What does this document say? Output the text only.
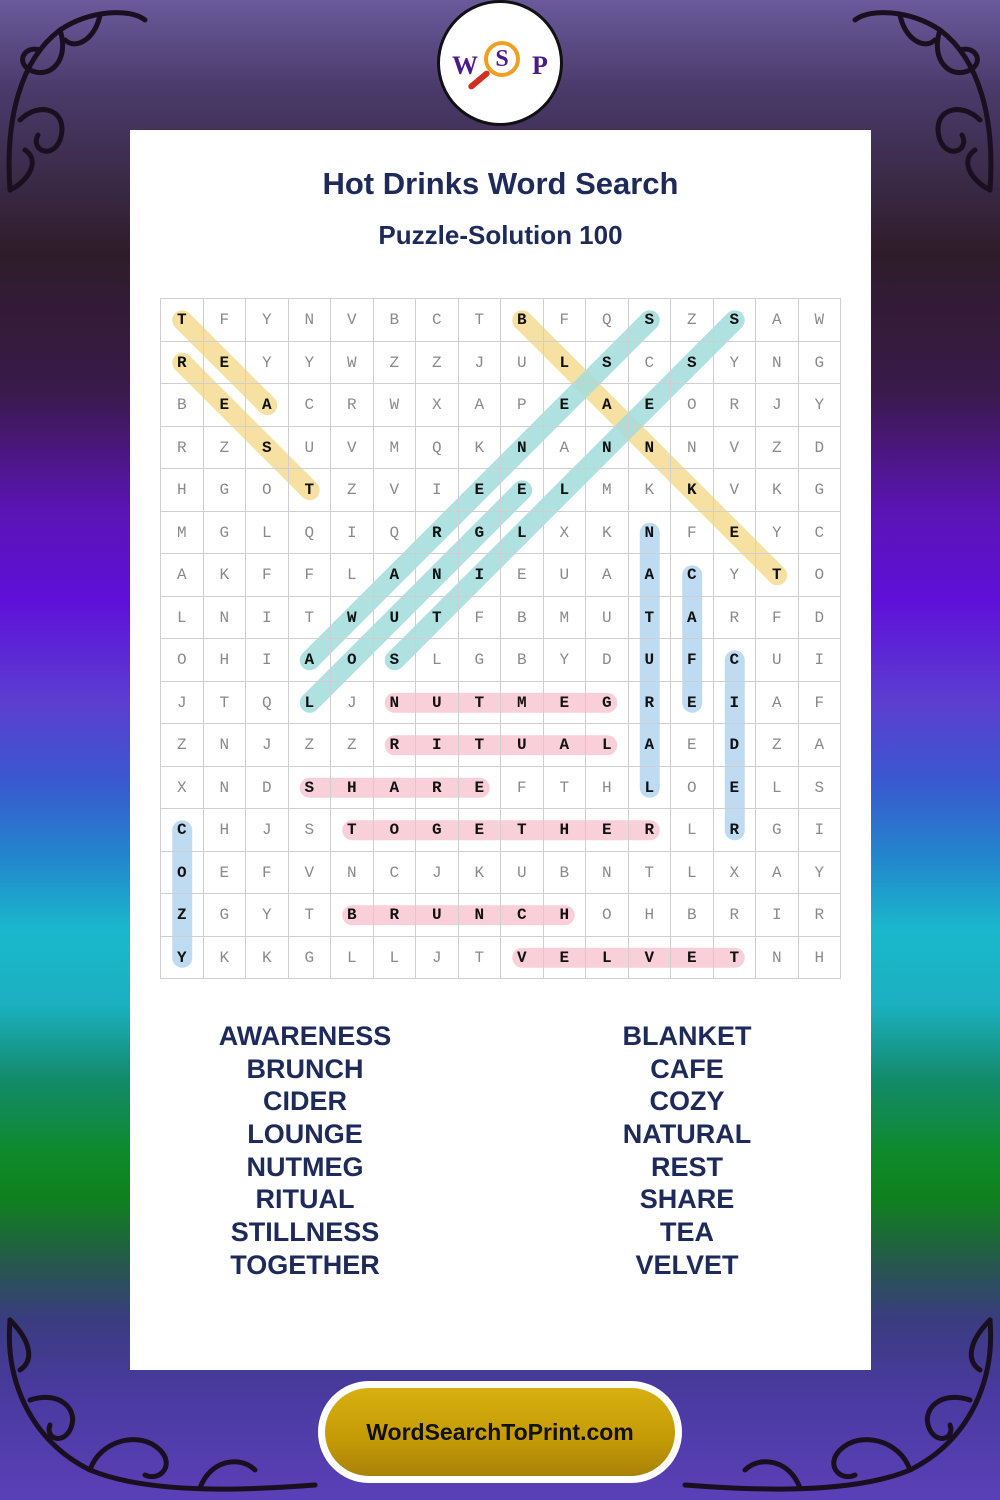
Hot Drinks Word Search
Puzzle-Solution 100
T	F	Y	N	V	B	C	T	B	F	Q	S	Z	S	A	W
R	E	Y	Y	W	Z	Z	J	U	L	S	C	S	Y	N	G
B	E	A	C	R	W	X	A	P	E	A	E	O	R	J	Y
R	Z	S	U	V	M	Q	K	N	A	N	N	N	V	Z	D
H	G	O	T	Z	V	I	E	E	L	M	K	K	V	K	G
M	G	L	Q	I	Q	R	G	L	X	K	N	F	E	Y	C
A	K	F	F	L	A	N	I	E	U	A	A	C	Y	T	O
L	N	I	T	W	U	T	F	B	M	U	T	A	R	F	D
O	H	I	A	O	S	L	G	B	Y	D	U	F	C	U	I
J	T	Q	L	J	N	U	T	M	E	G	R	E	I	A	F
Z	N	J	Z	Z	R	I	T	U	A	L	A	E	D	Z	A
X	N	D	S	H	A	R	E	F	T	H	L	O	E	L	S
C	H	J	S	T	O	G	E	T	H	E	R	L	R	G	I
O	E	F	V	N	C	J	K	U	B	N	T	L	X	A	Y
Z	G	Y	T	B	R	U	N	C	H	O	H	B	R	I	R
Y	K	K	G	L	L	J	T	V	E	L	V	E	T	N	H
AWARENESS
BRUNCH
CIDER
LOUNGE
NUTMEG
RITUAL
STILLNESS
TOGETHER
BLANKET
CAFE
COZY
NATURAL
REST
SHARE
TEA
VELVET
W S P
WordSearchToPrint.com
